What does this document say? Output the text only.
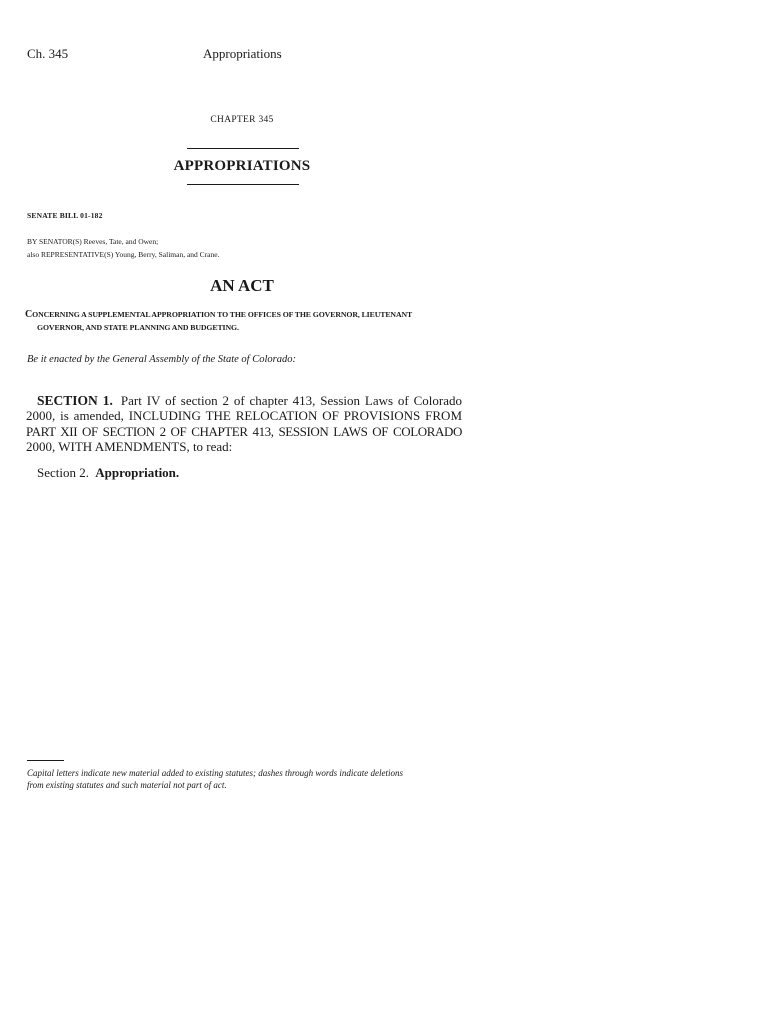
Ch. 345	Appropriations
CHAPTER 345
APPROPRIATIONS
SENATE BILL 01-182
BY SENATOR(S) Reeves, Tate, and Owen;
also REPRESENTATIVE(S) Young, Berry, Saliman, and Crane.
AN ACT
CONCERNING A SUPPLEMENTAL APPROPRIATION TO THE OFFICES OF THE GOVERNOR, LIEUTENANT
GOVERNOR, AND STATE PLANNING AND BUDGETING.
Be it enacted by the General Assembly of the State of Colorado:
SECTION 1. Part IV of section 2 of chapter 413, Session Laws of Colorado
2000, is amended, INCLUDING THE RELOCATION OF PROVISIONS FROM
PART XII OF SECTION 2 OF CHAPTER 413, SESSION LAWS OF COLORADO
2000, WITH AMENDMENTS, to read:
Section 2. Appropriation.
Capital letters indicate new material added to existing statutes; dashes through words indicate deletions
from existing statutes and such material not part of act.
